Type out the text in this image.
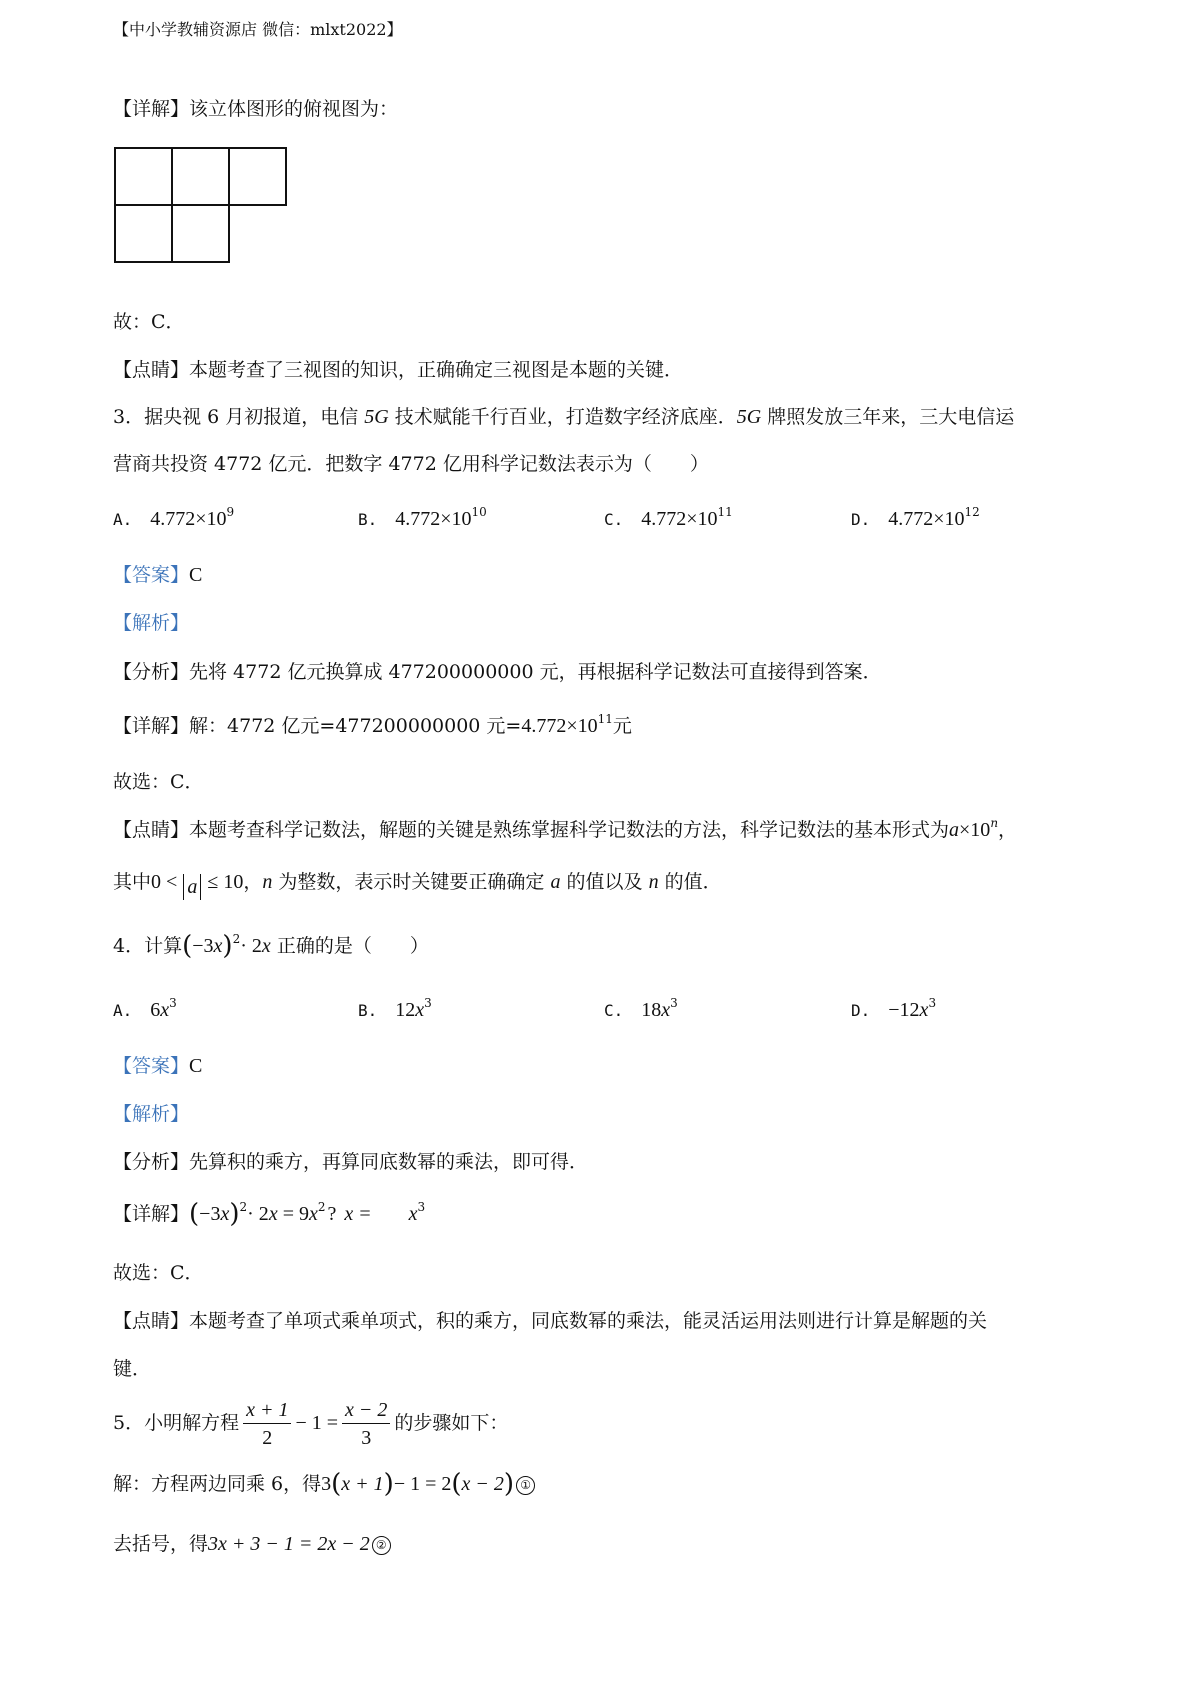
【中小学教辅资源店 微信：mlxt2022】
【详解】该立体图形的俯视图为：
故：C．
【点睛】本题考查了三视图的知识，正确确定三视图是本题的关键．
3．据央视 6 月初报道，电信 5G 技术赋能千行百业，打造数字经济底座．5G 牌照发放三年来，三大电信运
营商共投资 4772 亿元．把数字 4772 亿用科学记数法表示为（　　）
A. $4.772\times 10^9$	B. $4.772\times 10^{10}$	C. $4.772\times 10^{11}$	D. $4.772\times 10^{12}$
【答案】C
【解析】
【分析】先将 4772 亿元换算成 477200000000 元，再根据科学记数法可直接得到答案．
【详解】解：4772 亿元=477200000000 元$=4.772\times 10^{11}$元
故选：C．
【点睛】本题考查科学记数法，解题的关键是熟练掌握科学记数法的方法，科学记数法的基本形式为$a\times 10^n$，
其中0 < a ≤ 10，n 为整数，表示时关键要正确确定 a 的值以及 n 的值．
4．计算$(-3x)^2\cdot 2x$ 正确的是（　　）
A. $6x^3$	B. $12x^3$	C. $18x^3$	D. $-12x^3$
【答案】C
【解析】
【分析】先算积的乘方，再算同底数幂的乘法，即可得．
【详解】$(-3x)^2\cdot 2x = 9x^2$ ? $x = x^3$
故选：C．
【点睛】本题考查了单项式乘单项式，积的乘方，同底数幂的乘法，能灵活运用法则进行计算是解题的关
键．
5．小明解方程 $\frac{x + 1}{2} - 1 = \frac{x - 2}{3}$ 的步骤如下：
解：方程两边同乘 6，得3(x + 1)− 1 = 2(x − 2) ①
去括号，得3x + 3 − 1 = 2x − 2 ②
